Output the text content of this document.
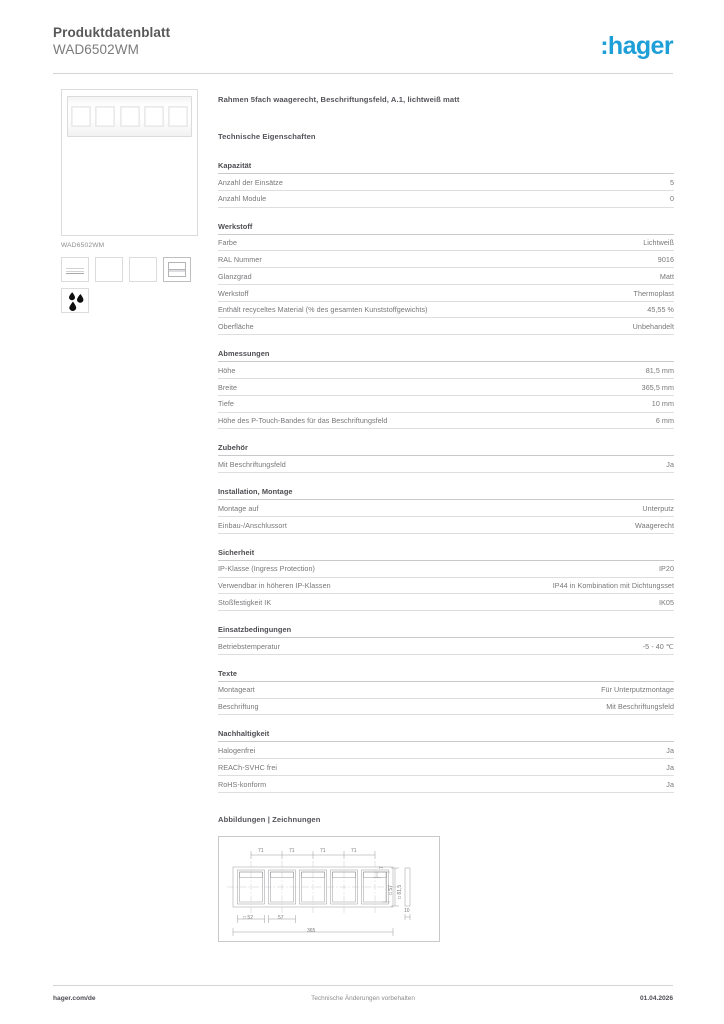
Produktdatenblatt
WAD6502WM	:hager
WAD6502WM
Rahmen 5fach waagerecht, Beschriftungsfeld, A.1, lichtweiß matt
Technische Eigenschaften
Kapazität
Anzahl der Einsätze	5
Anzahl Module	0
Werkstoff
Farbe	Lichtweiß
RAL Nummer	9016
Glanzgrad	Matt
Werkstoff	Thermoplast
Enthält recyceltes Material (% des gesamten Kunststoffgewichts)	45,55 %
Oberfläche	Unbehandelt
Abmessungen
Höhe	81,5 mm
Breite	365,5 mm
Tiefe	10 mm
Höhe des P-Touch-Bandes für das Beschriftungsfeld	6 mm
Zubehör
Mit Beschriftungsfeld	Ja
Installation, Montage
Montage auf	Unterputz
Einbau-/Anschlussort	Waagerecht
Sicherheit
IP-Klasse (Ingress Protection)	IP20
Verwendbar in höheren IP-Klassen	IP44 in Kombination mit Dichtungsset
Stoßfestigkeit IK	IK05
Einsatzbedingungen
Betriebstemperatur	-5 - 40 ℃
Texte
Montageart	Für Unterputzmontage
Beschriftung	Mit Beschriftungsfeld
Nachhaltigkeit
Halogenfrei	Ja
REACh-SVHC frei	Ja
RoHS-konform	Ja
Abbildungen | Zeichnungen
71	71	71	71
□ 52	57
365
7
□ 57 □ 81,5
10
hager.com/de	Technische Änderungen vorbehalten	01.04.2026
